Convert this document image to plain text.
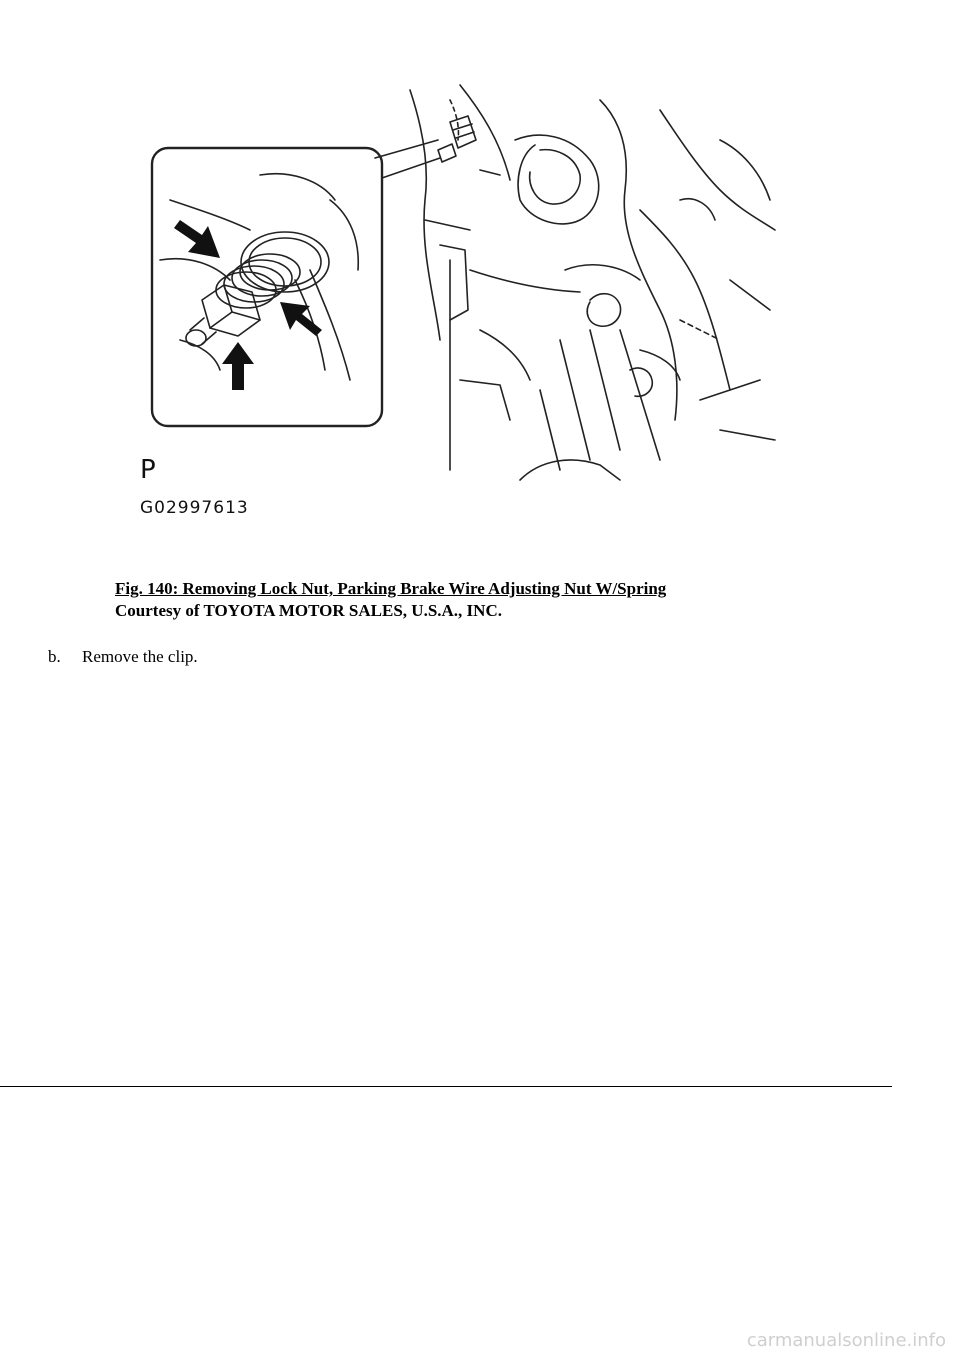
P
G02997613
Fig. 140: Removing Lock Nut, Parking Brake Wire Adjusting Nut W/Spring
Courtesy of TOYOTA MOTOR SALES, U.S.A., INC.
b. Remove the clip.
carmanualsonline.info
